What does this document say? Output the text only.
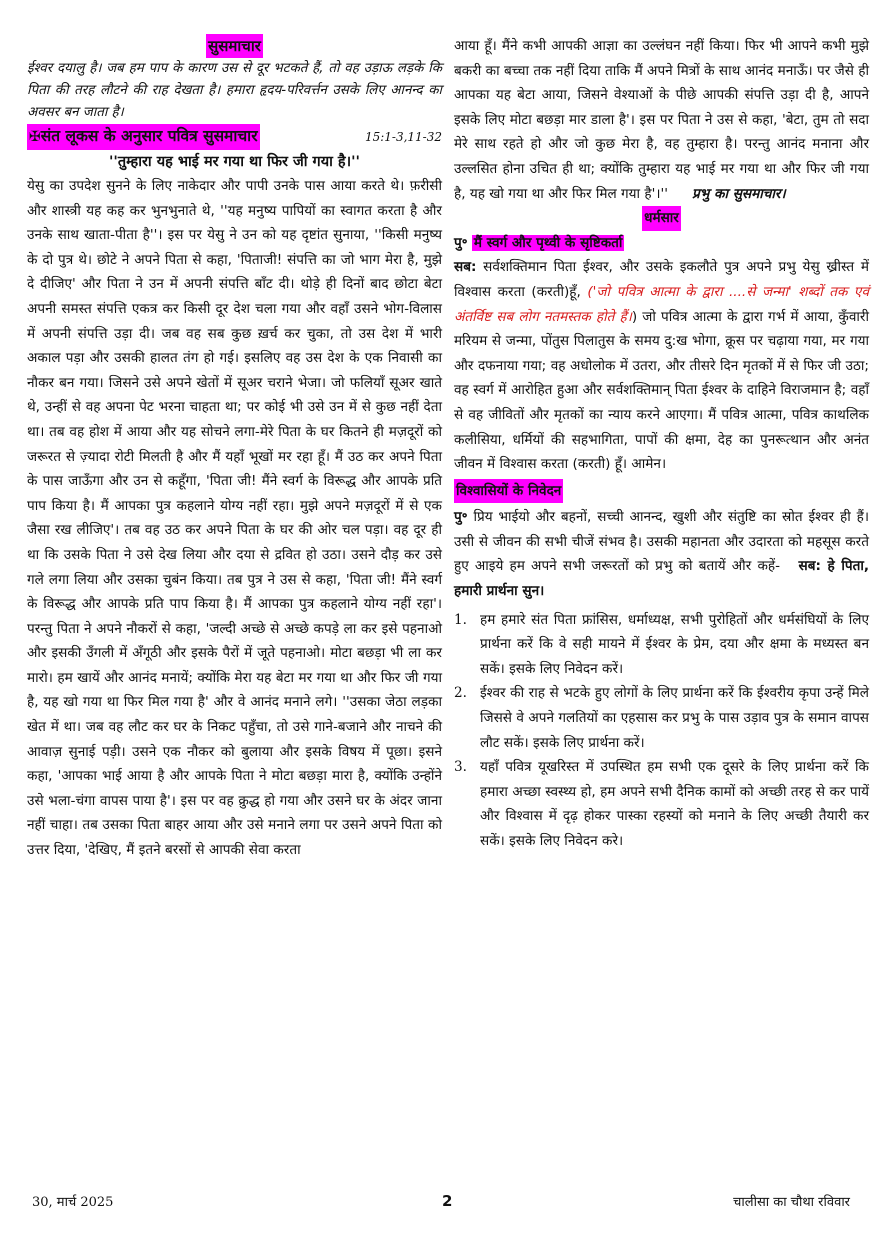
सुसमाचार

ईश्वर दयालु है। जब हम पाप के कारण उस से दूर भटकते हैं, तो वह उड़ाऊ लड़के कि पिता की तरह लौटने की राह देखता है। हमारा हृदय-परिवर्त्तन उसके लिए आनन्द का अवसर बन जाता है।

✠संत लूकस के अनुसार पवित्र सुसमाचार	15:1-3,11-32

''तुम्हारा यह भाई मर गया था फिर जी गया है।''

येसु का उपदेश सुनने के लिए नाकेदार और पापी उनके पास आया करते थे। फ़रीसी और शास्त्री यह कह कर भुनभुनाते थे, ''यह मनुष्य पापियों का स्वागत करता है और उनके साथ खाता-पीता है''। इस पर येसु ने उन को यह दृष्टांत सुनाया, ''किसी मनुष्य के दो पुत्र थे। छोटे ने अपने पिता से कहा, 'पिताजी! संपत्ति का जो भाग मेरा है, मुझे दे दीजिए' और पिता ने उन में अपनी संपत्ति बाँट दी। थोड़े ही दिनों बाद छोटा बेटा अपनी समस्त संपत्ति एकत्र कर किसी दूर देश चला गया और वहाँ उसने भोग-विलास में अपनी संपत्ति उड़ा दी। जब वह सब कुछ ख़र्च कर चुका, तो उस देश में भारी अकाल पड़ा और उसकी हालत तंग हो गई। इसलिए वह उस देश के एक निवासी का नौकर बन गया। जिसने उसे अपने खेतों में सूअर चराने भेजा। जो फलियाँ सूअर खाते थे, उन्हीं से वह अपना पेट भरना चाहता था; पर कोई भी उसे उन में से कुछ नहीं देता था। तब वह होश में आया और यह सोचने लगा-मेरे पिता के घर कितने ही मज़दूरों को जरूरत से ज़्यादा रोटी मिलती है और मैं यहाँ भूखों मर रहा हूँ। मैं उठ कर अपने पिता के पास जाऊँगा और उन से कहूँगा, 'पिता जी! मैंने स्वर्ग के विरूद्ध और आपके प्रति पाप किया है। मैं आपका पुत्र कहलाने योग्य नहीं रहा। मुझे अपने मज़दूरों में से एक जैसा रख लीजिए'। तब वह उठ कर अपने पिता के घर की ओर चल पड़ा। वह दूर ही था कि उसके पिता ने उसे देख लिया और दया से द्रवित हो उठा। उसने दौड़ कर उसे गले लगा लिया और उसका चुबंन किया। तब पुत्र ने उस से कहा, 'पिता जी! मैंने स्वर्ग के विरूद्ध और आपके प्रति पाप किया है। मैं आपका पुत्र कहलाने योग्य नहीं रहा'। परन्तु पिता ने अपने नौकरों से कहा, 'जल्दी अच्छे से अच्छे कपड़े ला कर इसे पहनाओ और इसकी उँगली में अँगूठी और इसके पैरों में जूते पहनाओ। मोटा बछड़ा भी ला कर मारो। हम खायें और आनंद मनायें; क्योंकि मेरा यह बेटा मर गया था और फिर जी गया है, यह खो गया था फिर मिल गया है' और वे आनंद मनाने लगे। ''उसका जेठा लड़का खेत में था। जब वह लौट कर घर के निकट पहुँचा, तो उसे गाने-बजाने और नाचने की आवाज़ सुनाई पड़ी। उसने एक नौकर को बुलाया और इसके विषय में पूछा। इसने कहा, 'आपका भाई आया है और आपके पिता ने मोटा बछड़ा मारा है, क्योंकि उन्होंने उसे भला-चंगा वापस पाया है'। इस पर वह क्रुद्ध हो गया और उसने घर के अंदर जाना नहीं चाहा। तब उसका पिता बाहर आया और उसे मनाने लगा पर उसने अपने पिता को उत्तर दिया, 'देखिए, मैं इतने बरसों से आपकी सेवा करता

आया हूँ। मैंने कभी आपकी आज्ञा का उल्लंघन नहीं किया। फिर भी आपने कभी मुझे बकरी का बच्चा तक नहीं दिया ताकि मैं अपने मित्रों के साथ आनंद मनाऊँ। पर जैसे ही आपका यह बेटा आया, जिसने वेश्याओं के पीछे आपकी संपत्ति उड़ा दी है, आपने इसके लिए मोटा बछड़ा मार डाला है'। इस पर पिता ने उस से कहा, 'बेटा, तुम तो सदा मेरे साथ रहते हो और जो कुछ मेरा है, वह तुम्हारा है। परन्तु आनंद मनाना और उल्लसित होना उचित ही था; क्योंकि तुम्हारा यह भाई मर गया था और फिर जी गया है, यह खो गया था और फिर मिल गया है'।'' प्रभु का सुसमाचार।

धर्मसार
पु॰ मैं स्वर्ग और पृथ्वी के सृष्टिकर्ता

सब: सर्वशक्तिमान पिता ईश्वर, और उसके इकलौते पुत्र अपने प्रभु येसु ख्रीस्त में विश्वास करता (करती)हूँ, ('जो पवित्र आत्मा के द्वारा ....से जन्मा' शब्दों तक एवं अंतर्विष्ट सब लोग नतमस्तक होते हैं।) जो पवित्र आत्मा के द्वारा गर्भ में आया, कुँवारी मरियम से जन्मा, पोंतुस पिलातुस के समय दु:ख भोगा, क्रूस पर चढ़ाया गया, मर गया और दफनाया गया; वह अधोलोक में उतरा, और तीसरे दिन मृतकों में से फिर जी उठा; वह स्वर्ग में आरोहित हुआ और सर्वशक्तिमान् पिता ईश्वर के दाहिने विराजमान है; वहाँ से वह जीवितों और मृतकों का न्याय करने आएगा। मैं पवित्र आत्मा, पवित्र काथलिक कलीसिया, धर्मियों की सहभागिता, पापों की क्षमा, देह का पुनरूत्थान और अनंत जीवन में विश्वास करता (करती) हूँ। आमेन।

विश्वासियों के निवेदन

पु॰ प्रिय भाईयो और बहनों, सच्ची आनन्द, खुशी और संतुष्टि का स्रोत ईश्वर ही हैं। उसी से जीवन की सभी चीजें संभव है। उसकी महानता और उदारता को महसूस करते हुए आइये हम अपने सभी जरूरतों को प्रभु को बतायें और कहें- सब: हे पिता, हमारी प्रार्थना सुन।

1. हम हमारे संत पिता फ्रांसिस, धर्माध्यक्ष, सभी पुरोहितों और धर्मसंघियों के लिए प्रार्थना करें कि वे सही मायने में ईश्वर के प्रेम, दया और क्षमा के मध्यस्त बन सकें। इसके लिए निवेदन करें।
2. ईश्वर की राह से भटके हुए लोगों के लिए प्रार्थना करें कि ईश्वरीय कृपा उन्हें मिले जिससे वे अपने गलतियों का एहसास कर प्रभु के पास उड़ाव पुत्र के समान वापस लौट सकें। इसके लिए प्रार्थना करें।
3. यहाँ पवित्र यूखरिस्त में उपस्थित हम सभी एक दूसरे के लिए प्रार्थना करें कि हमारा अच्छा स्वस्थ्य हो, हम अपने सभी दैनिक कामों को अच्छी तरह से कर पायें और विश्वास में दृढ़ होकर पास्का रहस्यों को मनाने के लिए अच्छी तैयारी कर सकें। इसके लिए निवेदन करे।
30, मार्च 2025	2	चालीसा का चौथा रविवार
